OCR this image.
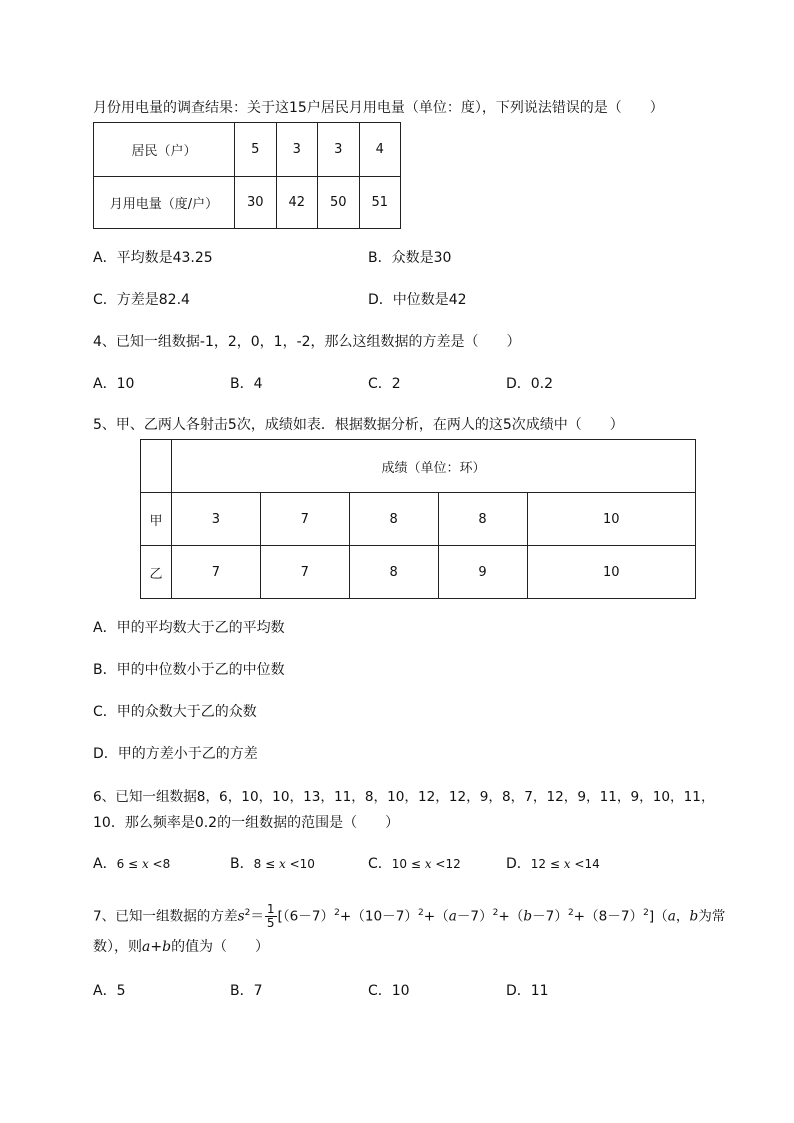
月份用电量的调查结果：关于这15户居民月用电量（单位：度），下列说法错误的是（　　）
居民（户）	5	3	3	4
月用电量（度/户）	30	42	50	51
A．平均数是43.25	B．众数是30
C．方差是82.4	D．中位数是42
4、已知一组数据-1，2，0，1，-2，那么这组数据的方差是（　　）
A．10	B．4	C．2	D．0.2
5、甲、乙两人各射击5次，成绩如表．根据数据分析，在两人的这5次成绩中（　　）
	成绩（单位：环）				
甲	3	7	8	8	10
乙	7	7	8	9	10
A．甲的平均数大于乙的平均数
B．甲的中位数小于乙的中位数
C．甲的众数大于乙的众数
D．甲的方差小于乙的方差
6、已知一组数据8，6，10，10，13，11，8，10，12，12，9，8，7，12，9，11，9，10，11，
10．那么频率是0.2的一组数据的范围是（　　）
A．6 ≤ x <8	B．8 ≤ x <10	C．10 ≤ x <12	D．12 ≤ x <14
7、已知一组数据的方差$s^2= \frac{1}{5} [(6-7)^2+(10-7)^2+(a-7)^2+(b-7)^2+(8-7)^2](a$，b为常
数），则a+b的值为（　　）
A．5	B．7	C．10	D．11
